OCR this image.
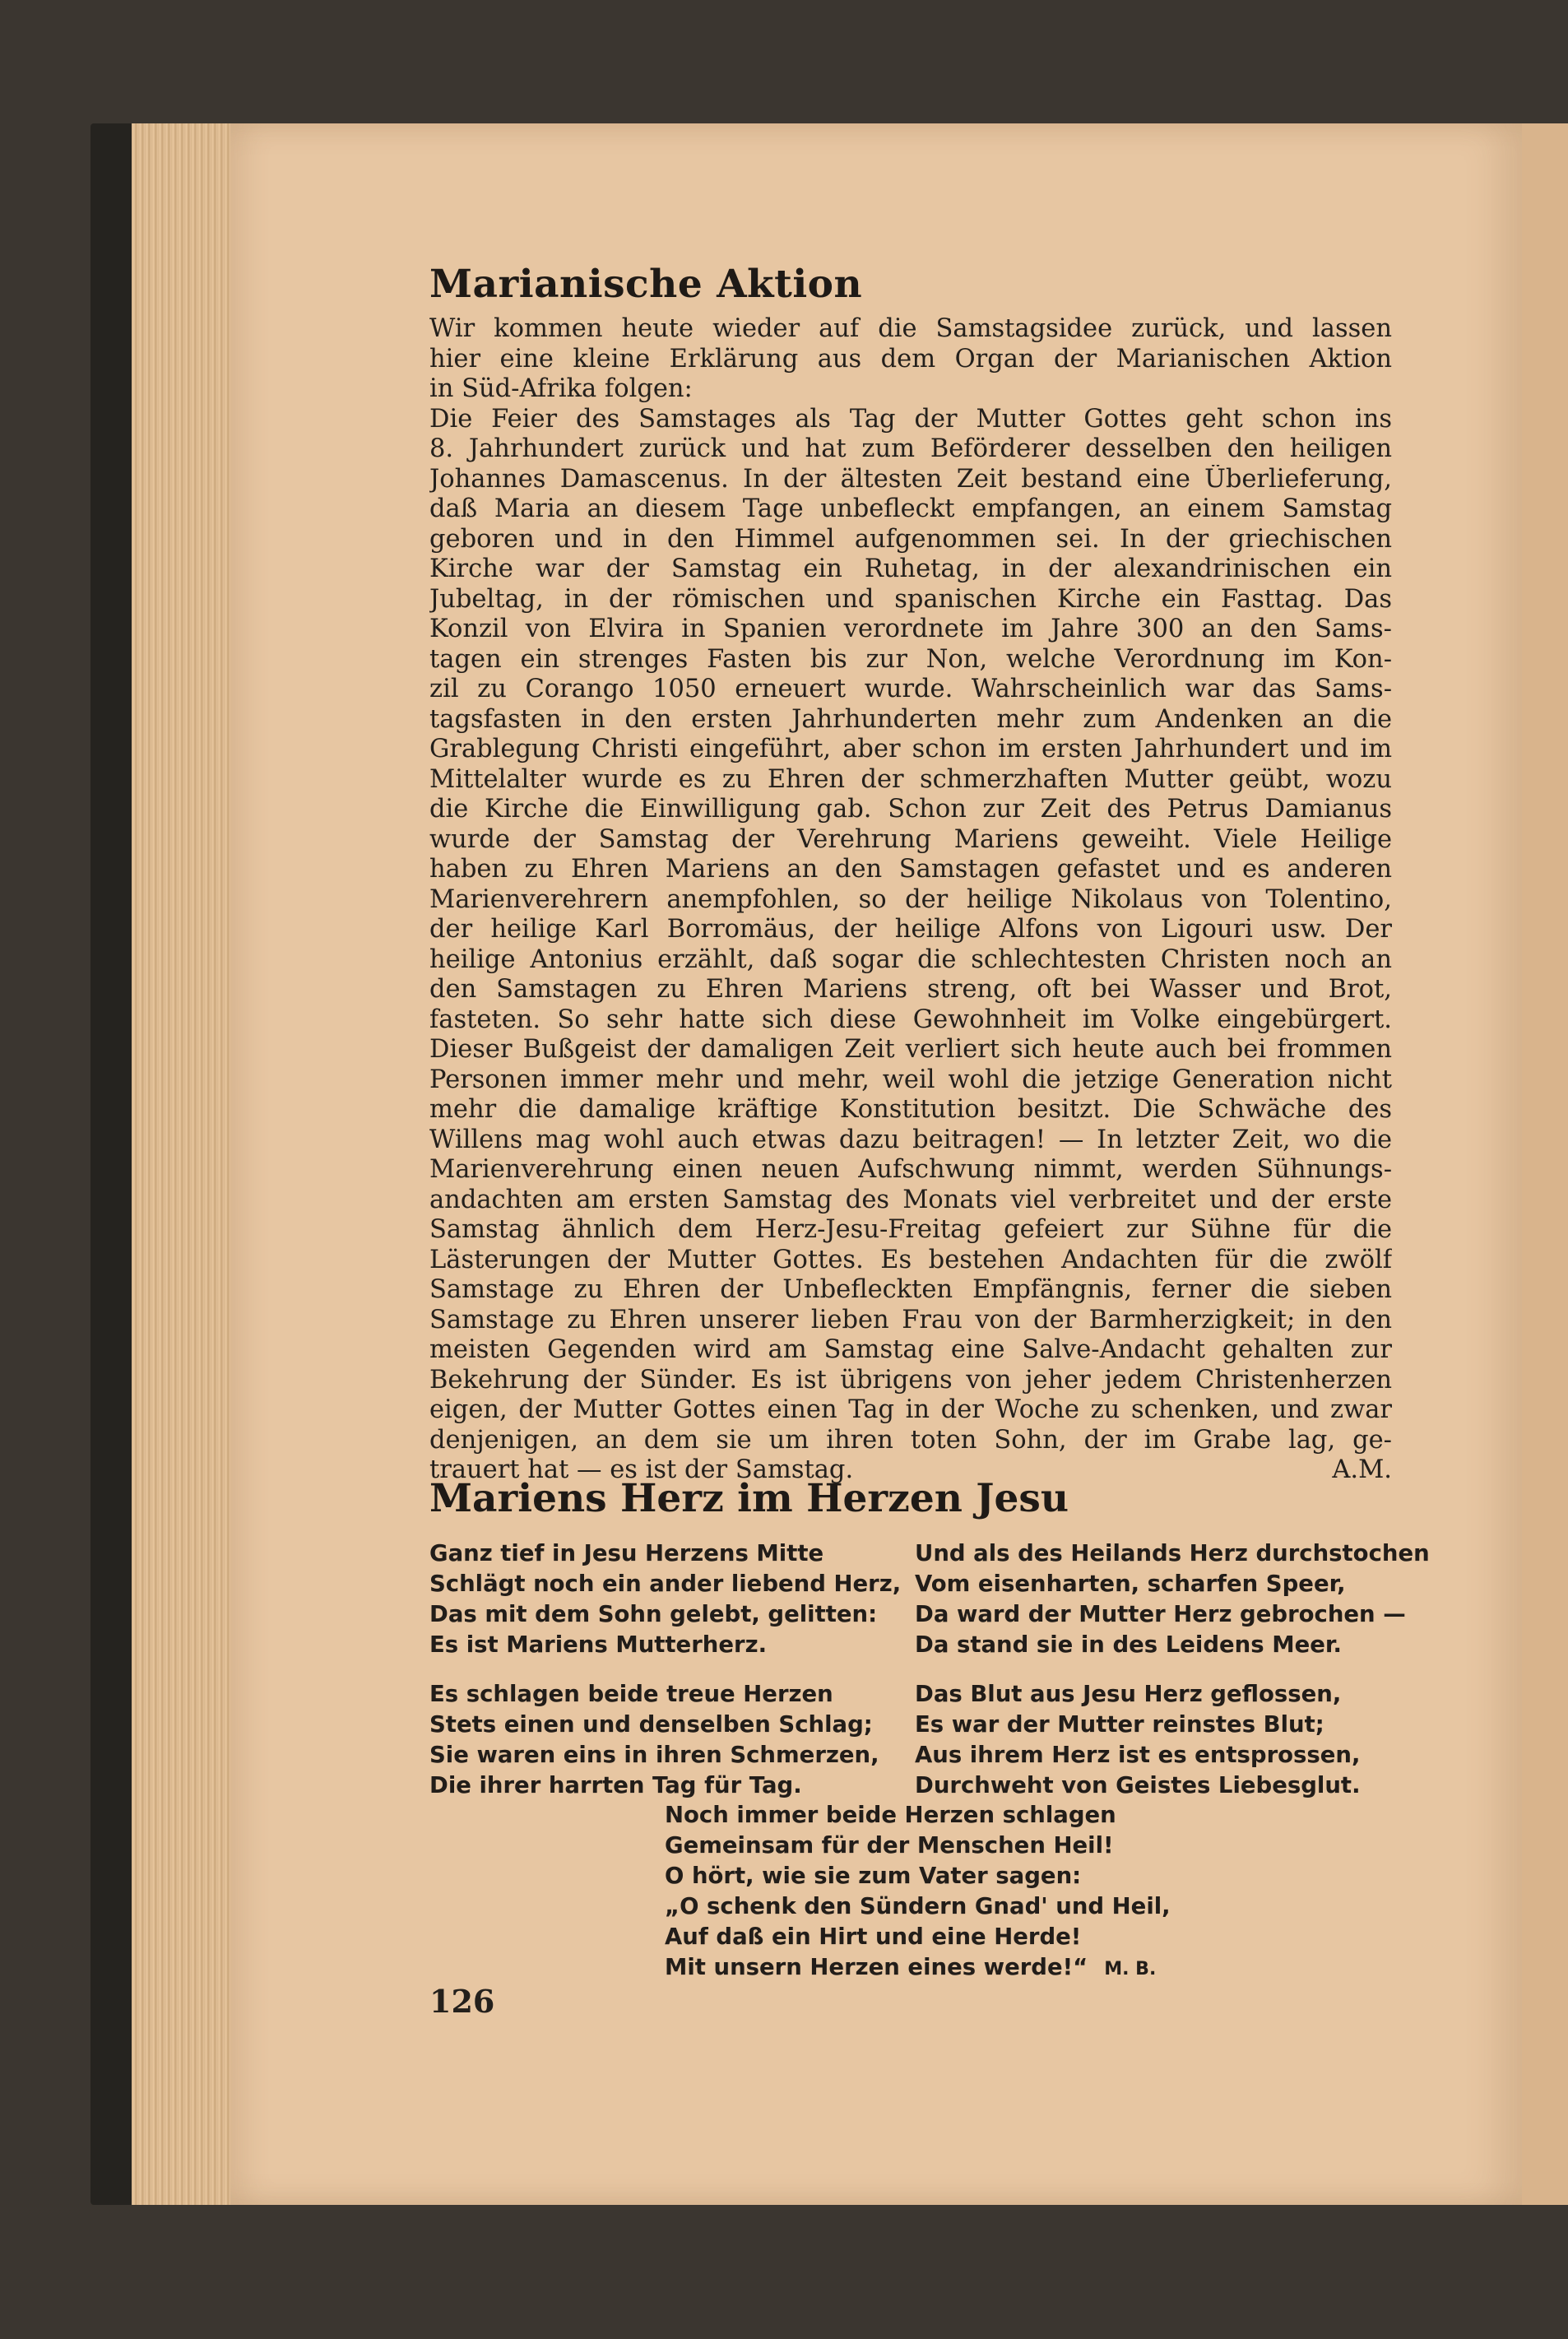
Marianische Aktion
Wir kommen heute wieder auf die Samstagsidee zurück, und lassen
hier eine kleine Erklärung aus dem Organ der Marianischen Aktion
in Süd-Afrika folgen:
Die Feier des Samstages als Tag der Mutter Gottes geht schon ins
8. Jahrhundert zurück und hat zum Beförderer desselben den heiligen
Johannes Damascenus. In der ältesten Zeit bestand eine Überlieferung,
daß Maria an diesem Tage unbefleckt empfangen, an einem Samstag
geboren und in den Himmel aufgenommen sei. In der griechischen
Kirche war der Samstag ein Ruhetag, in der alexandrinischen ein
Jubeltag, in der römischen und spanischen Kirche ein Fasttag. Das
Konzil von Elvira in Spanien verordnete im Jahre 300 an den Sams-
tagen ein strenges Fasten bis zur Non, welche Verordnung im Kon-
zil zu Corango 1050 erneuert wurde. Wahrscheinlich war das Sams-
tagsfasten in den ersten Jahrhunderten mehr zum Andenken an die
Grablegung Christi eingeführt, aber schon im ersten Jahrhundert und im
Mittelalter wurde es zu Ehren der schmerzhaften Mutter geübt, wozu
die Kirche die Einwilligung gab. Schon zur Zeit des Petrus Damianus
wurde der Samstag der Verehrung Mariens geweiht. Viele Heilige
haben zu Ehren Mariens an den Samstagen gefastet und es anderen
Marienverehrern anempfohlen, so der heilige Nikolaus von Tolentino,
der heilige Karl Borromäus, der heilige Alfons von Ligouri usw. Der
heilige Antonius erzählt, daß sogar die schlechtesten Christen noch an
den Samstagen zu Ehren Mariens streng, oft bei Wasser und Brot,
fasteten. So sehr hatte sich diese Gewohnheit im Volke eingebürgert.
Dieser Bußgeist der damaligen Zeit verliert sich heute auch bei frommen
Personen immer mehr und mehr, weil wohl die jetzige Generation nicht
mehr die damalige kräftige Konstitution besitzt. Die Schwäche des
Willens mag wohl auch etwas dazu beitragen! — In letzter Zeit, wo die
Marienverehrung einen neuen Aufschwung nimmt, werden Sühnungs-
andachten am ersten Samstag des Monats viel verbreitet und der erste
Samstag ähnlich dem Herz-Jesu-Freitag gefeiert zur Sühne für die
Lästerungen der Mutter Gottes. Es bestehen Andachten für die zwölf
Samstage zu Ehren der Unbefleckten Empfängnis, ferner die sieben
Samstage zu Ehren unserer lieben Frau von der Barmherzigkeit; in den
meisten Gegenden wird am Samstag eine Salve-Andacht gehalten zur
Bekehrung der Sünder. Es ist übrigens von jeher jedem Christenherzen
eigen, der Mutter Gottes einen Tag in der Woche zu schenken, und zwar
denjenigen, an dem sie um ihren toten Sohn, der im Grabe lag, ge-
trauert hat — es ist der Samstag.	A.M.
Mariens Herz im Herzen Jesu
Ganz tief in Jesu Herzens Mitte
Schlägt noch ein ander liebend Herz,
Das mit dem Sohn gelebt, gelitten:
Es ist Mariens Mutterherz.
Es schlagen beide treue Herzen
Stets einen und denselben Schlag;
Sie waren eins in ihren Schmerzen,
Die ihrer harrten Tag für Tag.
Und als des Heilands Herz durchstochen
Vom eisenharten, scharfen Speer,
Da ward der Mutter Herz gebrochen —
Da stand sie in des Leidens Meer.
Das Blut aus Jesu Herz geflossen,
Es war der Mutter reinstes Blut;
Aus ihrem Herz ist es entsprossen,
Durchweht von Geistes Liebesglut.
Noch immer beide Herzen schlagen
Gemeinsam für der Menschen Heil!
O hört, wie sie zum Vater sagen:
„O schenk den Sündern Gnad' und Heil,
Auf daß ein Hirt und eine Herde!
Mit unsern Herzen eines werde!“ M. B.
126
